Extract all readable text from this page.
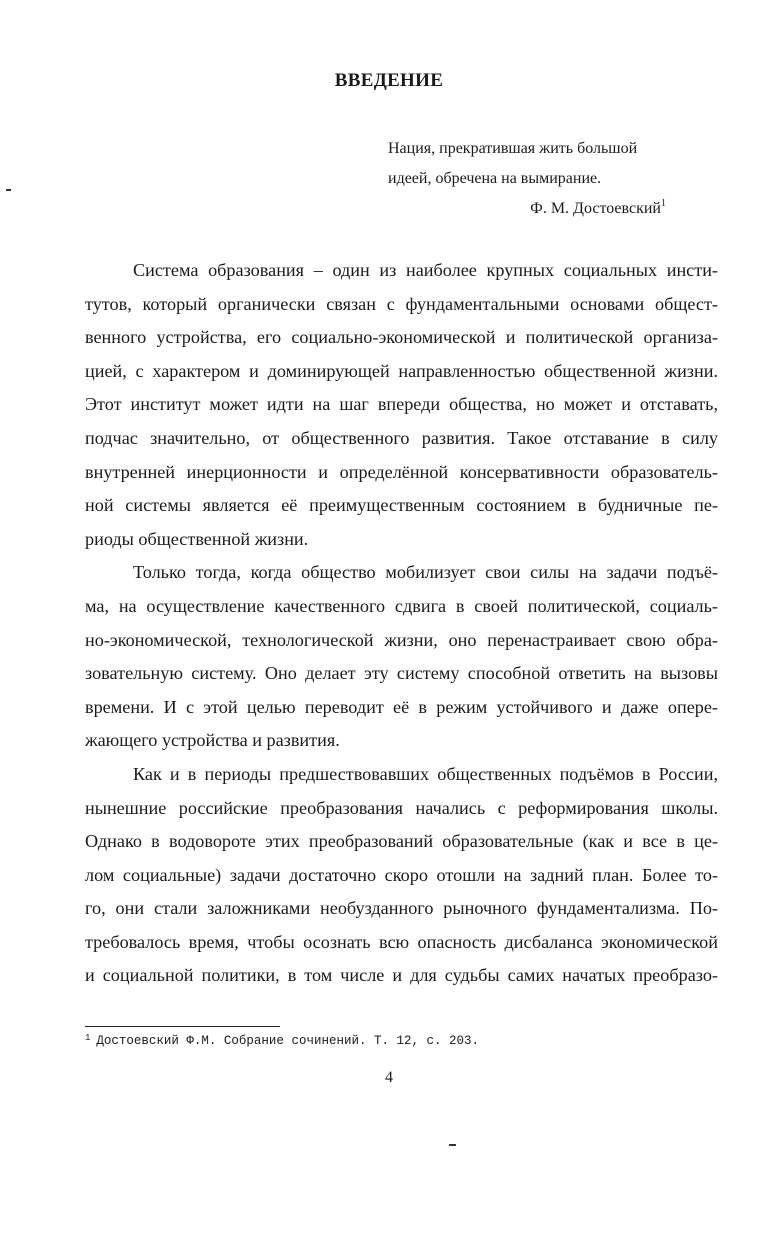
ВВЕДЕНИЕ
Нация, прекратившая жить большой
идеей, обречена на вымирание.
Ф. М. Достоевский$^1$
Система образования – один из наиболее крупных социальных инсти-
тутов, который органически связан с фундаментальными основами общест-
венного устройства, его социально-экономической и политической организа-
цией, с характером и доминирующей направленностью общественной жизни.
Этот институт может идти на шаг впереди общества, но может и отставать,
подчас значительно, от общественного развития. Такое отставание в силу
внутренней инерционности и определённой консервативности образователь-
ной системы является её преимущественным состоянием в будничные пе-
риоды общественной жизни.
Только тогда, когда общество мобилизует свои силы на задачи подъё-
ма, на осуществление качественного сдвига в своей политической, социаль-
но-экономической, технологической жизни, оно перенастраивает свою обра-
зовательную систему. Оно делает эту систему способной ответить на вызовы
времени. И с этой целью переводит её в режим устойчивого и даже опере-
жающего устройства и развития.
Как и в периоды предшествовавших общественных подъёмов в России,
нынешние российские преобразования начались с реформирования школы.
Однако в водовороте этих преобразований образовательные (как и все в це-
лом социальные) задачи достаточно скоро отошли на задний план. Более то-
го, они стали заложниками необузданного рыночного фундаментализма. По-
требовалось время, чтобы осознать всю опасность дисбаланса экономической
и социальной политики, в том числе и для судьбы самих начатых преобразо-
$^1$ Достоевский Ф.М. Собрание сочинений. Т. 12, с. 203.
4
